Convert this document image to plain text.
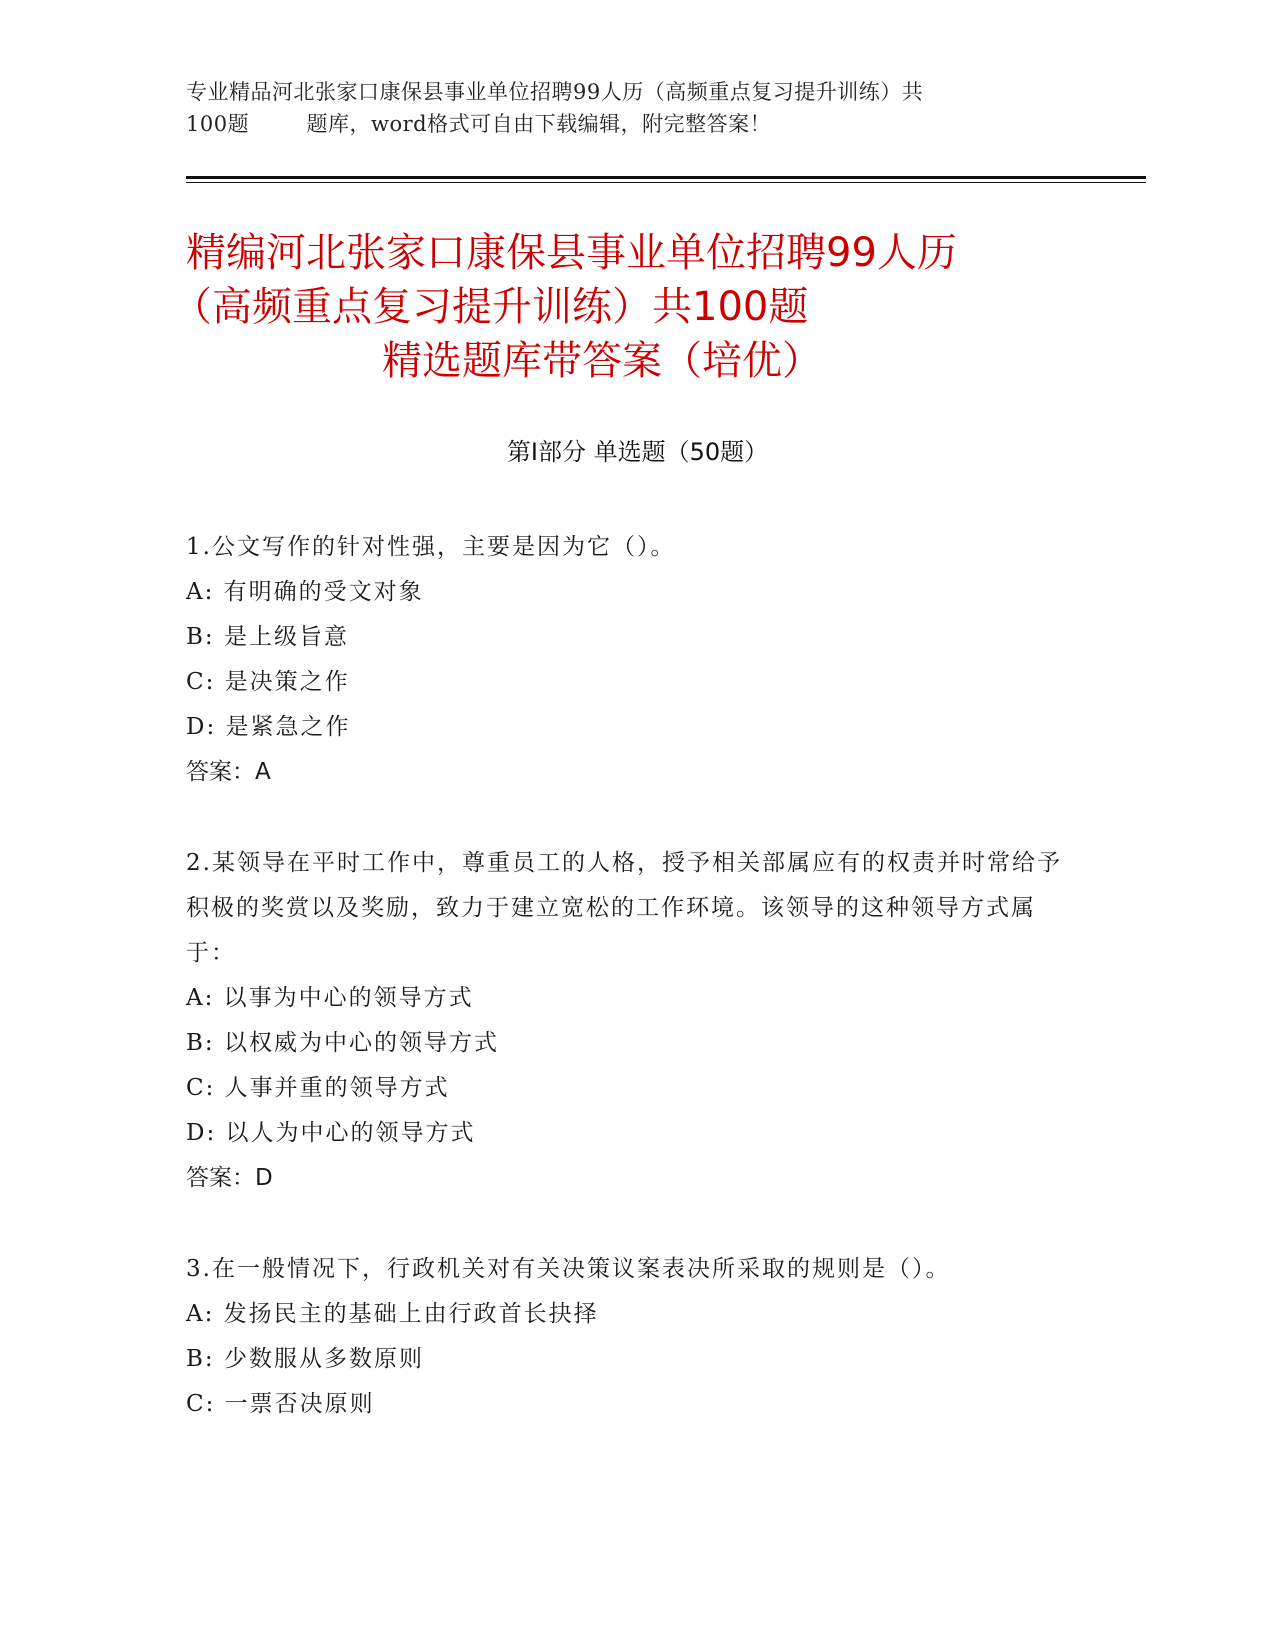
专业精品河北张家口康保县事业单位招聘99人历（高频重点复习提升训练）共
100题        题库，word格式可自由下载编辑，附完整答案！
精编河北张家口康保县事业单位招聘99人历
（高频重点复习提升训练）共100题
精选题库带答案（培优）
第Ⅰ部分 单选题（50题）

1.公文写作的针对性强，主要是因为它（）。

A: 有明确的受文对象

B: 是上级旨意

C: 是决策之作

D: 是紧急之作

答案：A

2.某领导在平时工作中，尊重员工的人格，授予相关部属应有的权责并时常给予积极的奖赏以及奖励，致力于建立宽松的工作环境。该领导的这种领导方式属于：

A: 以事为中心的领导方式

B: 以权威为中心的领导方式

C: 人事并重的领导方式

D: 以人为中心的领导方式

答案：D

3.在一般情况下，行政机关对有关决策议案表决所采取的规则是（）。

A: 发扬民主的基础上由行政首长抉择

B: 少数服从多数原则

C: 一票否决原则
